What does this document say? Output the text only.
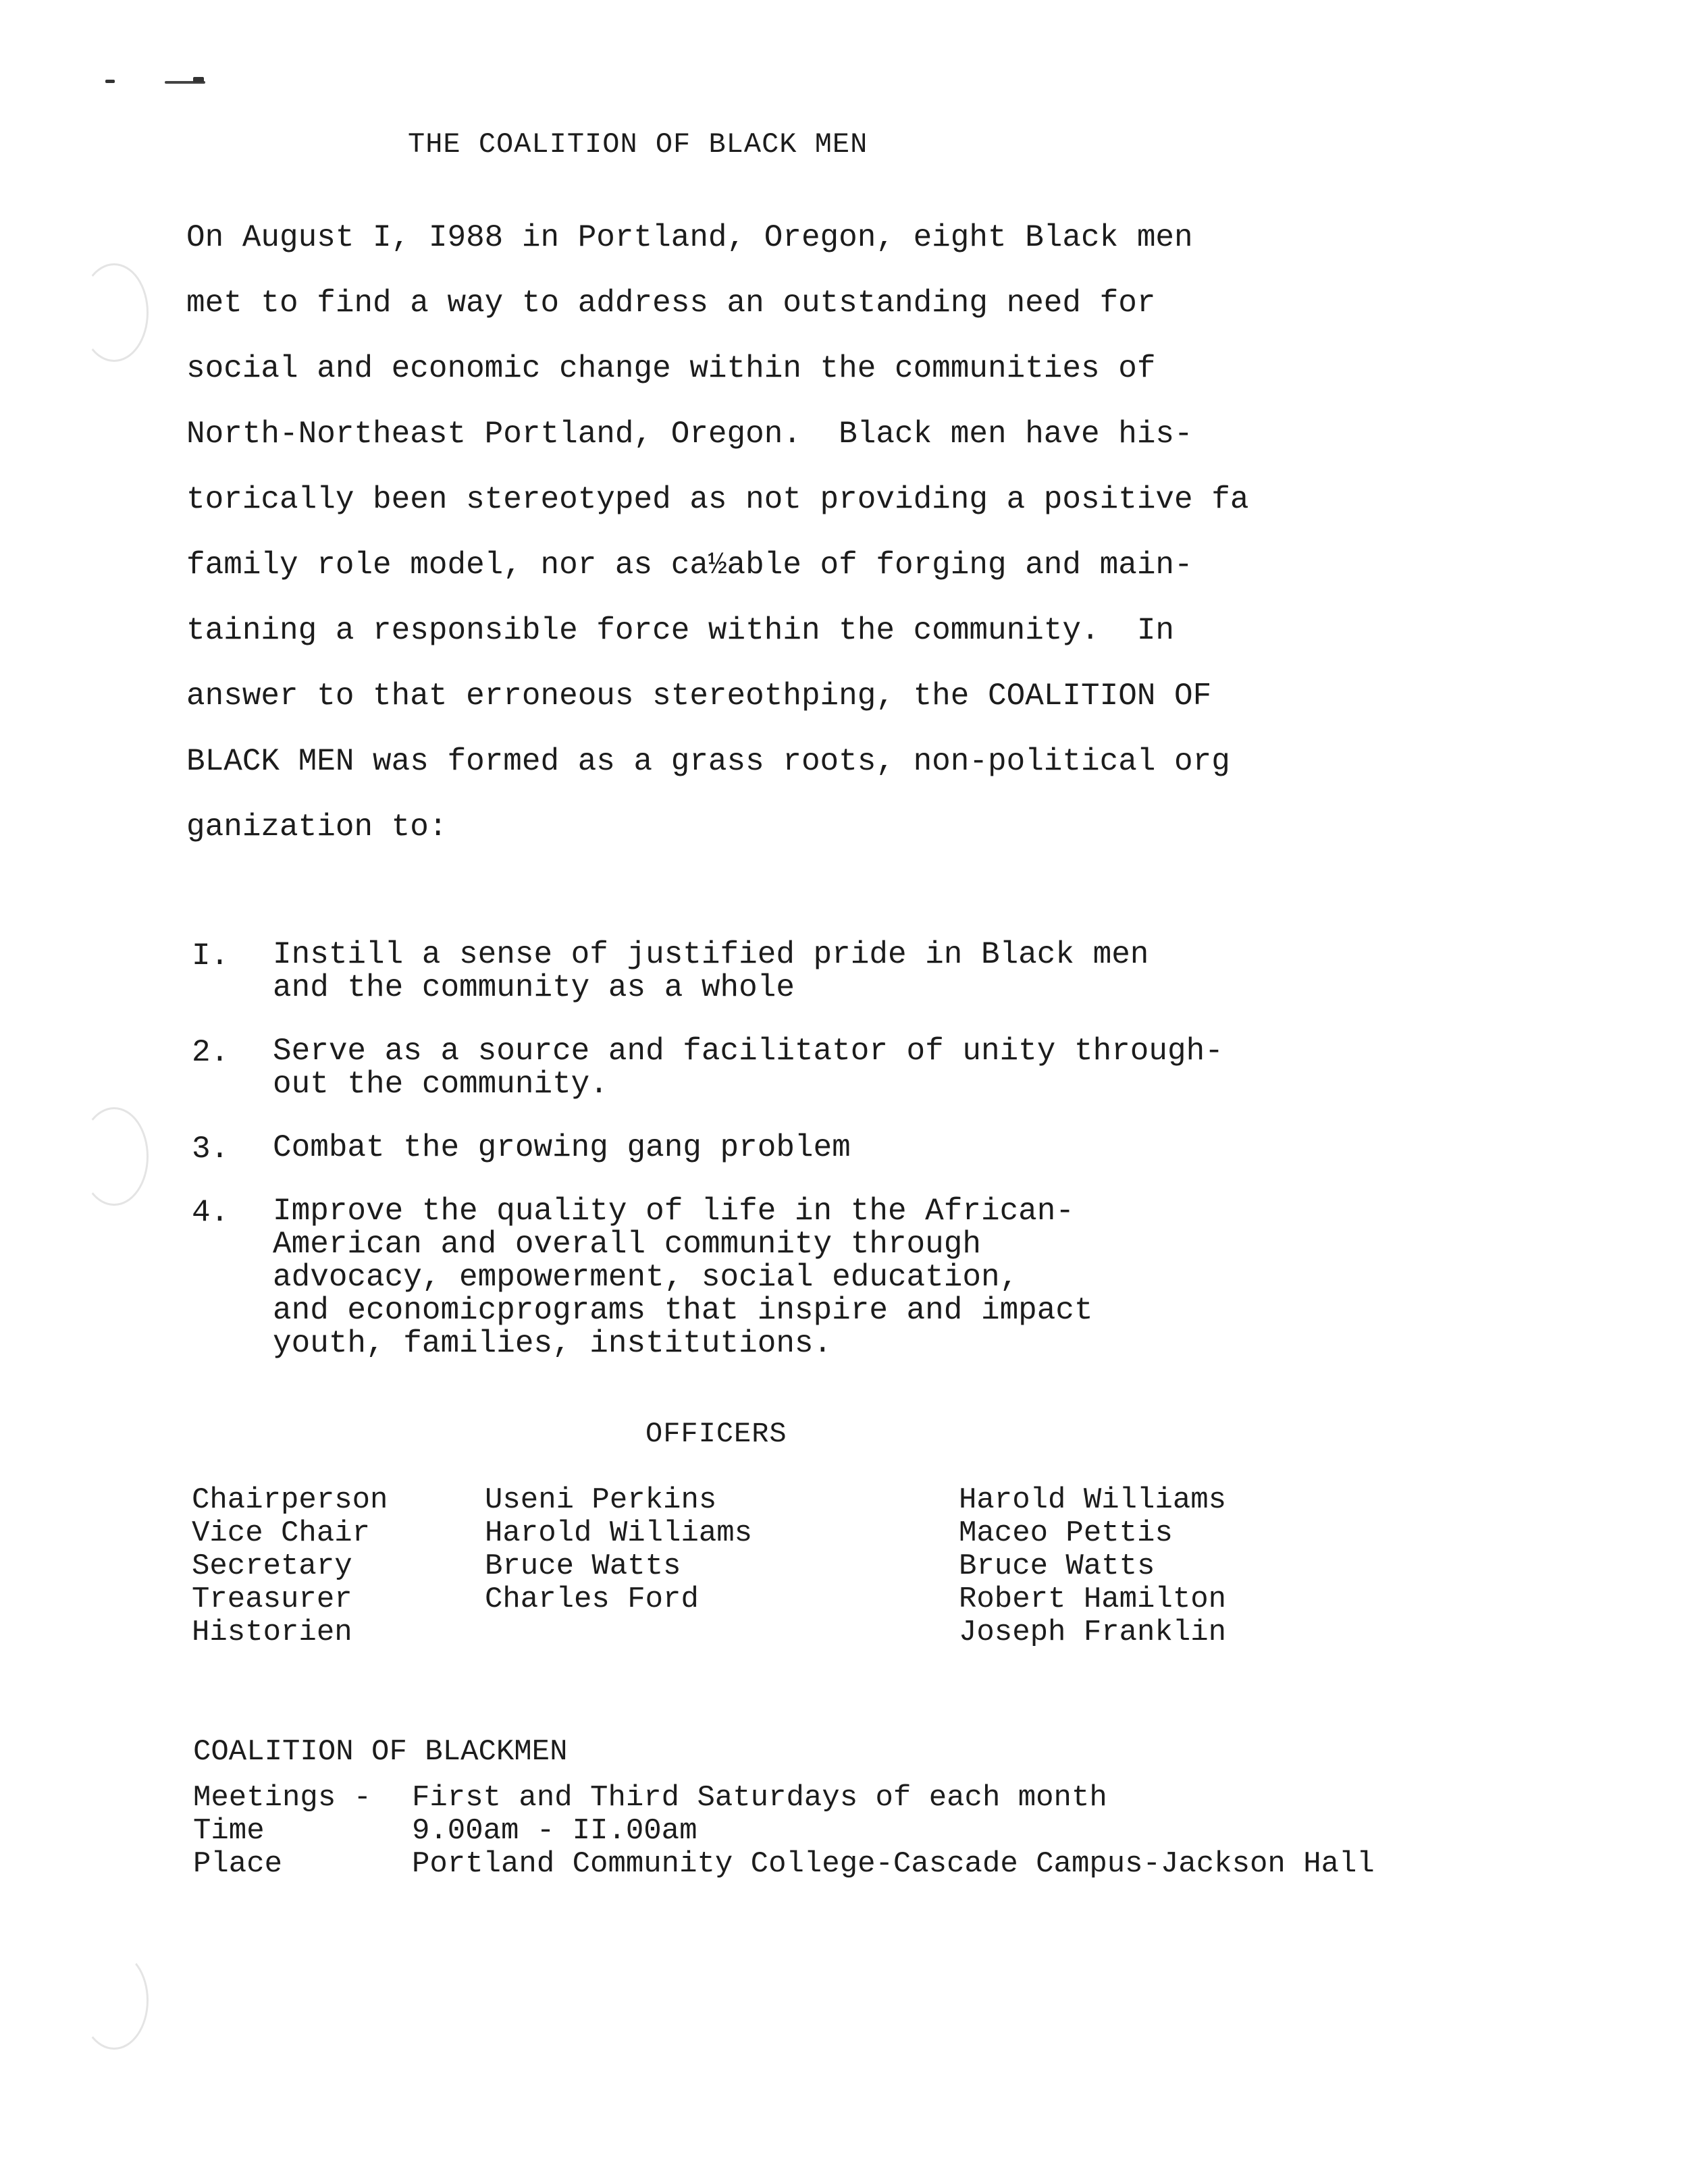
THE COALITION OF BLACK MEN
On August I, I988 in Portland, Oregon, eight Black men
met to find a way to address an outstanding need for
social and economic change within the communities of
North-Northeast Portland, Oregon.  Black men have his-
torically been stereotyped as not providing a positive fa
family role model, nor as ca½able of forging and main-
taining a responsible force within the community.  In
answer to that erroneous stereothping, the COALITION OF
BLACK MEN was formed as a grass roots, non-political org
ganization to:
I. Instill a sense of justified pride in Black men
and the community as a whole
2. Serve as a source and facilitator of unity through-
out the community.
3. Combat the growing gang problem
4. Improve the quality of life in the African-
American and overall community through
advocacy, empowerment, social education,
and economicprograms that inspire and impact
youth, families, institutions.
OFFICERS
Chairperson
Vice Chair
Secretary
Treasurer
Historien
Useni Perkins
Harold Williams
Bruce Watts
Charles Ford
Harold Williams
Maceo Pettis
Bruce Watts
Robert Hamilton
Joseph Franklin
COALITION OF BLACKMEN
Meetings - First and Third Saturdays of each month
Time	9.00am - II.00am
Place	Portland Community College-Cascade Campus-Jackson Hall
